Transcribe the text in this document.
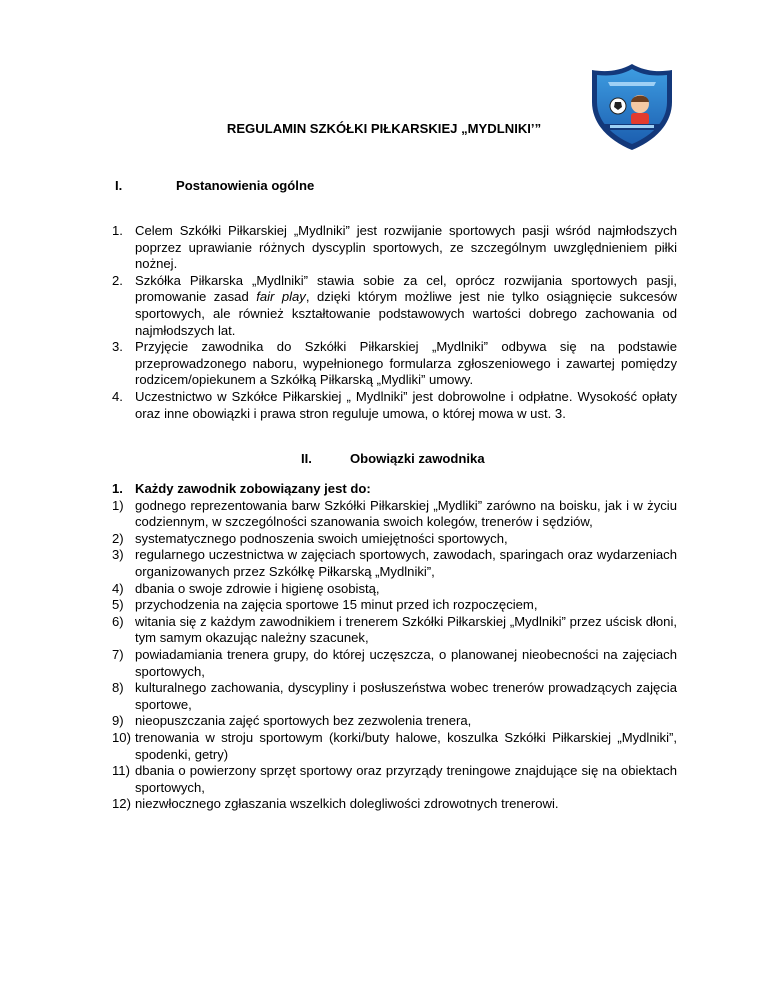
REGULAMIN SZKÓŁKI PIŁKARSKIEJ „MYDLNIKI’”

I.	Postanowienia ogólne

1. Celem Szkółki Piłkarskiej „Mydlniki” jest rozwijanie sportowych pasji wśród najmłodszych poprzez uprawianie różnych dyscyplin sportowych, ze szczególnym uwzględnieniem piłki nożnej.
2. Szkółka Piłkarska „Mydlniki” stawia sobie za cel, oprócz rozwijania sportowych pasji, promowanie zasad fair play, dzięki którym możliwe jest nie tylko osiągnięcie sukcesów sportowych, ale również kształtowanie podstawowych wartości dobrego zachowania od najmłodszych lat.
3. Przyjęcie zawodnika do Szkółki Piłkarskiej „Mydlniki” odbywa się na podstawie przeprowadzonego naboru, wypełnionego formularza zgłoszeniowego i zawartej pomiędzy rodzicem/opiekunem a Szkółką Piłkarską „Mydliki” umowy.
4. Uczestnictwo w Szkółce Piłkarskiej „ Mydlniki” jest dobrowolne i odpłatne. Wysokość opłaty oraz inne obowiązki i prawa stron reguluje umowa, o której mowa w ust. 3.

II.	Obowiązki zawodnika

1. Każdy zawodnik zobowiązany jest do:
1) godnego reprezentowania barw Szkółki Piłkarskiej „Mydliki” zarówno na boisku, jak i w życiu codziennym, w szczególności szanowania swoich kolegów, trenerów i sędziów,
2) systematycznego podnoszenia swoich umiejętności sportowych,
3) regularnego uczestnictwa w zajęciach sportowych, zawodach, sparingach oraz wydarzeniach organizowanych przez Szkółkę Piłkarską „Mydlniki”,
4) dbania o swoje zdrowie i higienę osobistą,
5) przychodzenia na zajęcia sportowe 15 minut przed ich rozpoczęciem,
6) witania się z każdym zawodnikiem i trenerem Szkółki Piłkarskiej „Mydlniki” przez uścisk dłoni, tym samym okazując należny szacunek,
7) powiadamiania trenera grupy, do której uczęszcza, o planowanej nieobecności na zajęciach sportowych,
8) kulturalnego zachowania, dyscypliny i posłuszeństwa wobec trenerów prowadzących zajęcia sportowe,
9) nieopuszczania zajęć sportowych bez zezwolenia trenera,
10) trenowania w stroju sportowym (korki/buty halowe, koszulka Szkółki Piłkarskiej „Mydlniki”, spodenki, getry)
11) dbania o powierzony sprzęt sportowy oraz przyrządy treningowe znajdujące się na obiektach sportowych,
12) niezwłocznego zgłaszania wszelkich dolegliwości zdrowotnych trenerowi.
